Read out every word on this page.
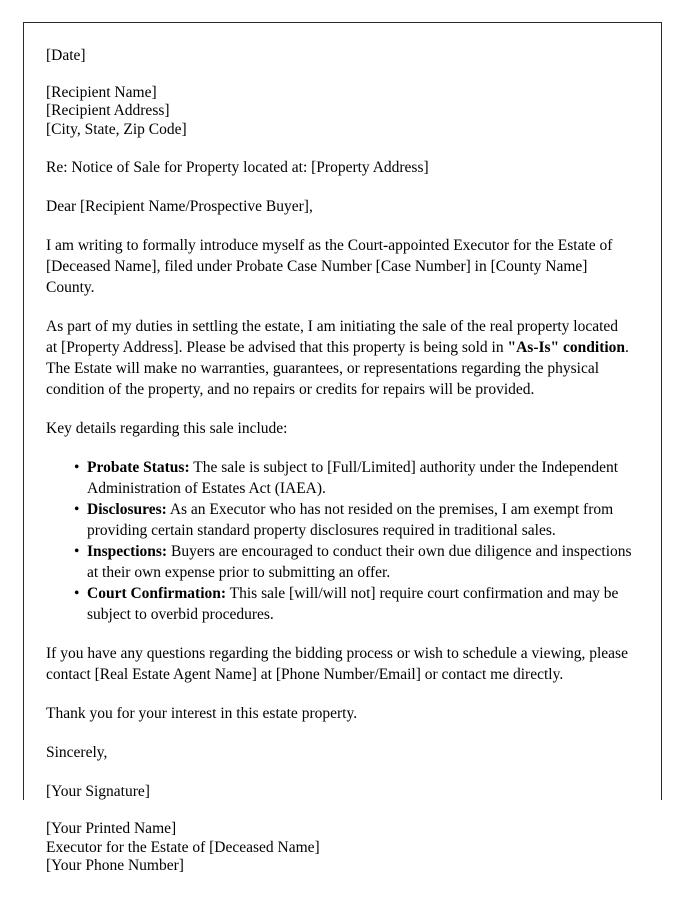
[Date]
[Recipient Name]
[Recipient Address]
[City, State, Zip Code]

Re: Notice of Sale for Property located at: [Property Address]

Dear [Recipient Name/Prospective Buyer],

I am writing to formally introduce myself as the Court-appointed Executor for the Estate of [Deceased Name], filed under Probate Case Number [Case Number] in [County Name] County.

As part of my duties in settling the estate, I am initiating the sale of the real property located at [Property Address]. Please be advised that this property is being sold in "As-Is" condition. The Estate will make no warranties, guarantees, or representations regarding the physical condition of the property, and no repairs or credits for repairs will be provided.

Key details regarding this sale include:

• Probate Status: The sale is subject to [Full/Limited] authority under the Independent Administration of Estates Act (IAEA).
• Disclosures: As an Executor who has not resided on the premises, I am exempt from providing certain standard property disclosures required in traditional sales.
• Inspections: Buyers are encouraged to conduct their own due diligence and inspections at their own expense prior to submitting an offer.
• Court Confirmation: This sale [will/will not] require court confirmation and may be subject to overbid procedures.

If you have any questions regarding the bidding process or wish to schedule a viewing, please contact [Real Estate Agent Name] at [Phone Number/Email] or contact me directly.

Thank you for your interest in this estate property.

Sincerely,

[Your Signature]

[Your Printed Name]
Executor for the Estate of [Deceased Name]
[Your Phone Number]
